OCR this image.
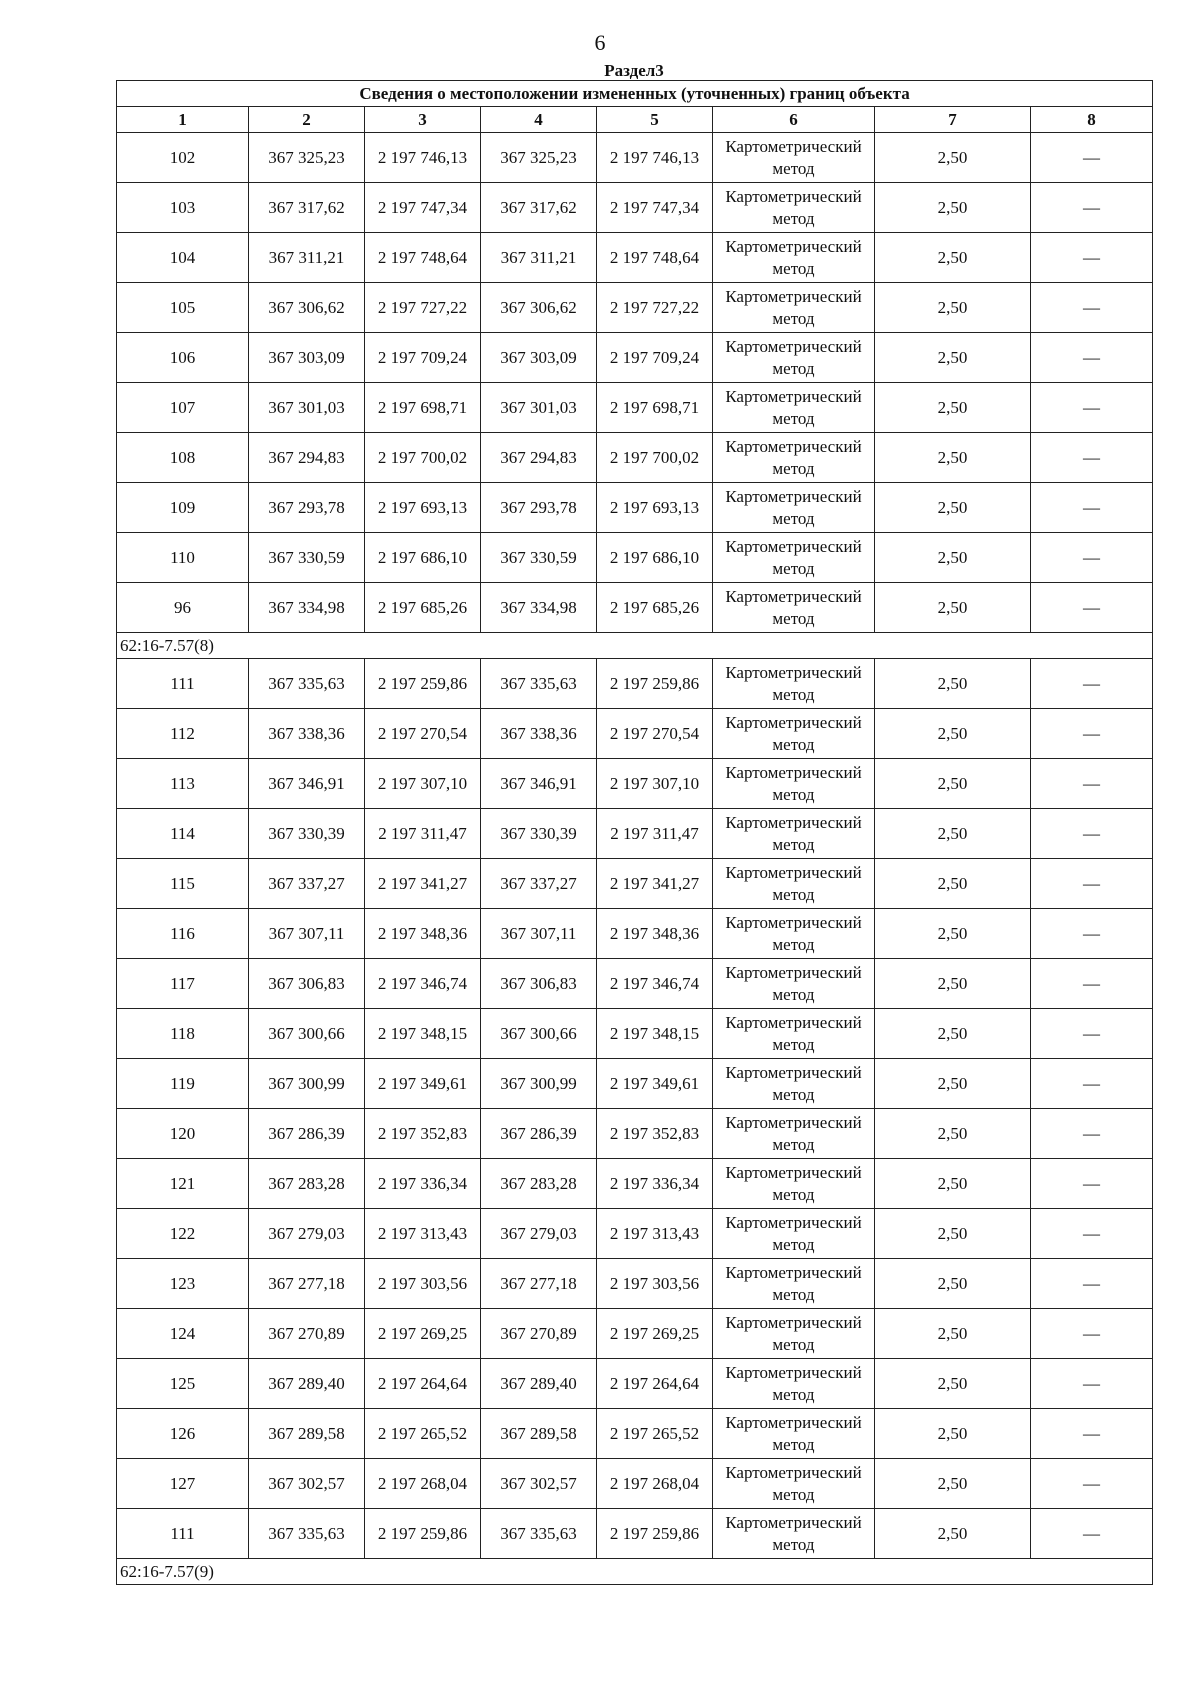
6
Раздел3
Сведения о местоположении измененных (уточненных) границ объекта							
1	2	3	4	5	6	7	8
102	367 325,23	2 197 746,13	367 325,23	2 197 746,13	Картометрический метод	2,50	—
103	367 317,62	2 197 747,34	367 317,62	2 197 747,34	Картометрический метод	2,50	—
104	367 311,21	2 197 748,64	367 311,21	2 197 748,64	Картометрический метод	2,50	—
105	367 306,62	2 197 727,22	367 306,62	2 197 727,22	Картометрический метод	2,50	—
106	367 303,09	2 197 709,24	367 303,09	2 197 709,24	Картометрический метод	2,50	—
107	367 301,03	2 197 698,71	367 301,03	2 197 698,71	Картометрический метод	2,50	—
108	367 294,83	2 197 700,02	367 294,83	2 197 700,02	Картометрический метод	2,50	—
109	367 293,78	2 197 693,13	367 293,78	2 197 693,13	Картометрический метод	2,50	—
110	367 330,59	2 197 686,10	367 330,59	2 197 686,10	Картометрический метод	2,50	—
96	367 334,98	2 197 685,26	367 334,98	2 197 685,26	Картометрический метод	2,50	—
62:16-7.57(8)							
111	367 335,63	2 197 259,86	367 335,63	2 197 259,86	Картометрический метод	2,50	—
112	367 338,36	2 197 270,54	367 338,36	2 197 270,54	Картометрический метод	2,50	—
113	367 346,91	2 197 307,10	367 346,91	2 197 307,10	Картометрический метод	2,50	—
114	367 330,39	2 197 311,47	367 330,39	2 197 311,47	Картометрический метод	2,50	—
115	367 337,27	2 197 341,27	367 337,27	2 197 341,27	Картометрический метод	2,50	—
116	367 307,11	2 197 348,36	367 307,11	2 197 348,36	Картометрический метод	2,50	—
117	367 306,83	2 197 346,74	367 306,83	2 197 346,74	Картометрический метод	2,50	—
118	367 300,66	2 197 348,15	367 300,66	2 197 348,15	Картометрический метод	2,50	—
119	367 300,99	2 197 349,61	367 300,99	2 197 349,61	Картометрический метод	2,50	—
120	367 286,39	2 197 352,83	367 286,39	2 197 352,83	Картометрический метод	2,50	—
121	367 283,28	2 197 336,34	367 283,28	2 197 336,34	Картометрический метод	2,50	—
122	367 279,03	2 197 313,43	367 279,03	2 197 313,43	Картометрический метод	2,50	—
123	367 277,18	2 197 303,56	367 277,18	2 197 303,56	Картометрический метод	2,50	—
124	367 270,89	2 197 269,25	367 270,89	2 197 269,25	Картометрический метод	2,50	—
125	367 289,40	2 197 264,64	367 289,40	2 197 264,64	Картометрический метод	2,50	—
126	367 289,58	2 197 265,52	367 289,58	2 197 265,52	Картометрический метод	2,50	—
127	367 302,57	2 197 268,04	367 302,57	2 197 268,04	Картометрический метод	2,50	—
111	367 335,63	2 197 259,86	367 335,63	2 197 259,86	Картометрический метод	2,50	—
62:16-7.57(9)							
